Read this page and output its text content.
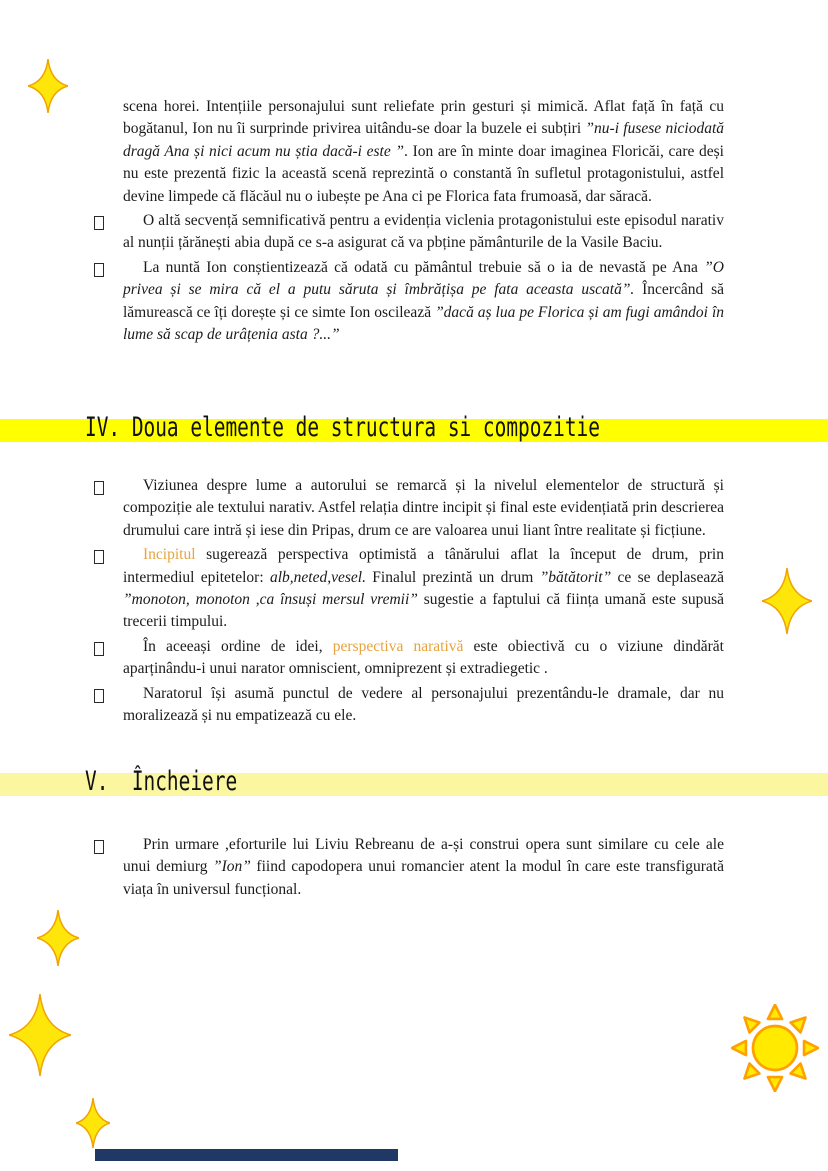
IV. Doua elemente de structura si compozitie
V.  Încheiere

scena horei. Intențiile personajului sunt reliefate prin gesturi și mimică. Aflat față în față cu bogătanul, Ion nu îi surprinde privirea uitându-se doar la buzele ei subțiri ”nu-i fusese niciodată dragă Ana și nici acum nu știa dacă-i este ”. Ion are în minte doar imaginea Floricăi, care deși nu este prezentă fizic la această scenă reprezintă o constantă în sufletul protagonistului, astfel devine limpede că flăcăul nu o iubește pe Ana ci pe Florica fata frumoasă, dar săracă.

O altă secvență semnificativă pentru a evidenția viclenia protagonistului este episodul narativ al nunții țărănești abia după ce s-a asigurat că va pbține pământurile de la Vasile Baciu.

La nuntă Ion conștientizează că odată cu pământul trebuie să o ia de nevastă pe Ana ”O privea și se mira că el a putu săruta și îmbrățișa pe fata aceasta uscată”. Încercând să lămurească ce îți dorește și ce simte Ion oscilează ”dacă aș lua pe Florica și am fugi amândoi în lume să scap de urâțenia asta ?...”

Viziunea despre lume a autorului se remarcă și la nivelul elementelor de structură și compoziție ale textului narativ. Astfel relația dintre incipit și final este evidențiată prin descrierea drumului care intră și iese din Pripas, drum ce are valoarea unui liant între realitate și ficțiune.

Incipitul sugerează perspectiva optimistă a tânărului aflat la început de drum, prin intermediul epitetelor: alb,neted,vesel. Finalul prezintă un drum ”bătătorit” ce se deplasează ”monoton, monoton ,ca însuși mersul vremii” sugestie a faptului că ființa umană este supusă trecerii timpului.

În aceeași ordine de idei, perspectiva narativă este obiectivă cu o viziune dindărăt aparținându-i unui narator omniscient, omniprezent și extradiegetic .

Naratorul își asumă punctul de vedere al personajului prezentându-le dramale, dar nu moralizează și nu empatizează cu ele.

Prin urmare ,eforturile lui Liviu Rebreanu de a-și construi opera sunt similare cu cele ale unui demiurg ”Ion” fiind capodopera unui romancier atent la modul în care este transfigurată viața în universul funcțional.
